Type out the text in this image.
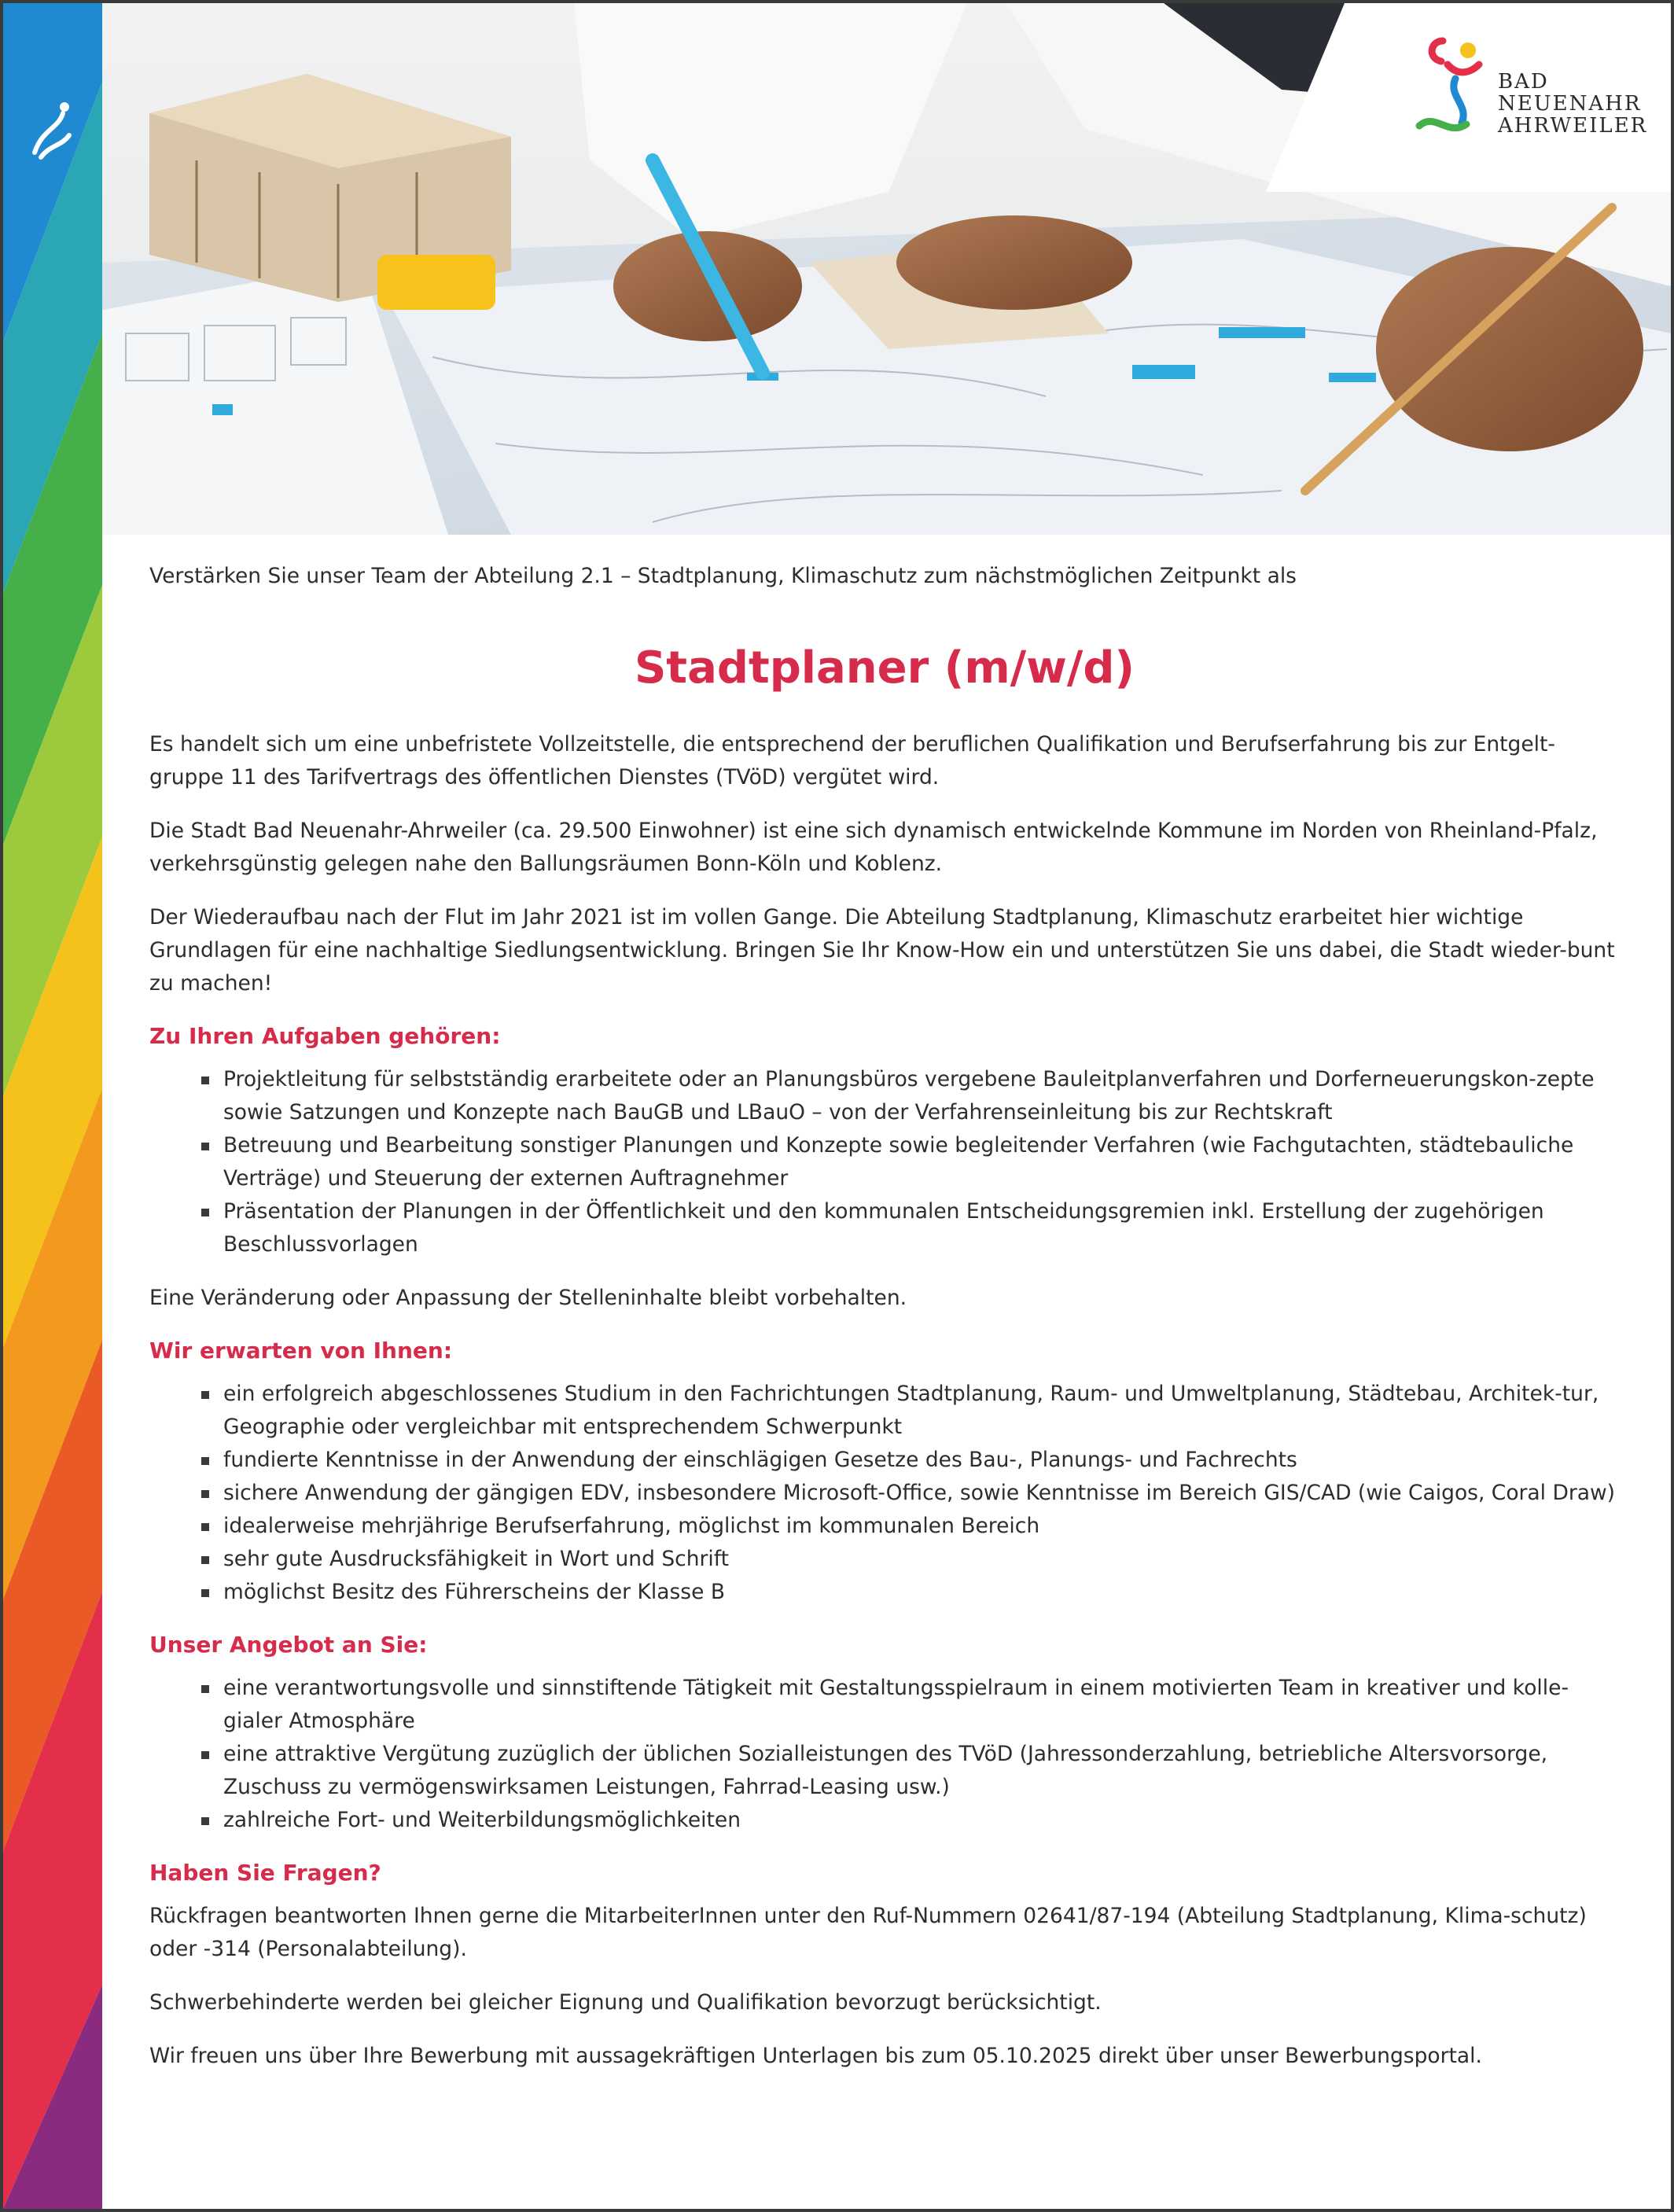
BAD
NEUENAHR
AHRWEILER

Verstärken Sie unser Team der Abteilung 2.1 – Stadtplanung, Klimaschutz zum nächstmöglichen Zeitpunkt als

Stadtplaner (m/w/d)

Es handelt sich um eine unbefristete Vollzeitstelle, die entsprechend der beruflichen Qualifikation und Berufserfahrung bis zur Entgelt-gruppe 11 des Tarifvertrags des öffentlichen Dienstes (TVöD) vergütet wird.

Die Stadt Bad Neuenahr-Ahrweiler (ca. 29.500 Einwohner) ist eine sich dynamisch entwickelnde Kommune im Norden von Rheinland-Pfalz, verkehrsgünstig gelegen nahe den Ballungsräumen Bonn-Köln und Koblenz.

Der Wiederaufbau nach der Flut im Jahr 2021 ist im vollen Gange. Die Abteilung Stadtplanung, Klimaschutz erarbeitet hier wichtige Grundlagen für eine nachhaltige Siedlungsentwicklung. Bringen Sie Ihr Know-How ein und unterstützen Sie uns dabei, die Stadt wieder-bunt zu machen!

Zu Ihren Aufgaben gehören:
Projektleitung für selbstständig erarbeitete oder an Planungsbüros vergebene Bauleitplanverfahren und Dorferneuerungskon-zepte sowie Satzungen und Konzepte nach BauGB und LBauO – von der Verfahrenseinleitung bis zur Rechtskraft
Betreuung und Bearbeitung sonstiger Planungen und Konzepte sowie begleitender Verfahren (wie Fachgutachten, städtebauliche Verträge) und Steuerung der externen Auftragnehmer
Präsentation der Planungen in der Öffentlichkeit und den kommunalen Entscheidungsgremien inkl. Erstellung der zugehörigen Beschlussvorlagen

Eine Veränderung oder Anpassung der Stelleninhalte bleibt vorbehalten.

Wir erwarten von Ihnen:
ein erfolgreich abgeschlossenes Studium in den Fachrichtungen Stadtplanung, Raum- und Umweltplanung, Städtebau, Architek-tur, Geographie oder vergleichbar mit entsprechendem Schwerpunkt
fundierte Kenntnisse in der Anwendung der einschlägigen Gesetze des Bau-, Planungs- und Fachrechts
sichere Anwendung der gängigen EDV, insbesondere Microsoft-Office, sowie Kenntnisse im Bereich GIS/CAD (wie Caigos, Coral Draw)
idealerweise mehrjährige Berufserfahrung, möglichst im kommunalen Bereich
sehr gute Ausdrucksfähigkeit in Wort und Schrift
möglichst Besitz des Führerscheins der Klasse B
Unser Angebot an Sie:
eine verantwortungsvolle und sinnstiftende Tätigkeit mit Gestaltungsspielraum in einem motivierten Team in kreativer und kolle-gialer Atmosphäre
eine attraktive Vergütung zuzüglich der üblichen Sozialleistungen des TVöD (Jahressonderzahlung, betriebliche Altersvorsorge, Zuschuss zu vermögenswirksamen Leistungen, Fahrrad-Leasing usw.)
zahlreiche Fort- und Weiterbildungsmöglichkeiten
Haben Sie Fragen?

Rückfragen beantworten Ihnen gerne die MitarbeiterInnen unter den Ruf-Nummern 02641/87-194 (Abteilung Stadtplanung, Klima-schutz) oder -314 (Personalabteilung).

Schwerbehinderte werden bei gleicher Eignung und Qualifikation bevorzugt berücksichtigt.

Wir freuen uns über Ihre Bewerbung mit aussagekräftigen Unterlagen bis zum 05.10.2025 direkt über unser Bewerbungsportal.
